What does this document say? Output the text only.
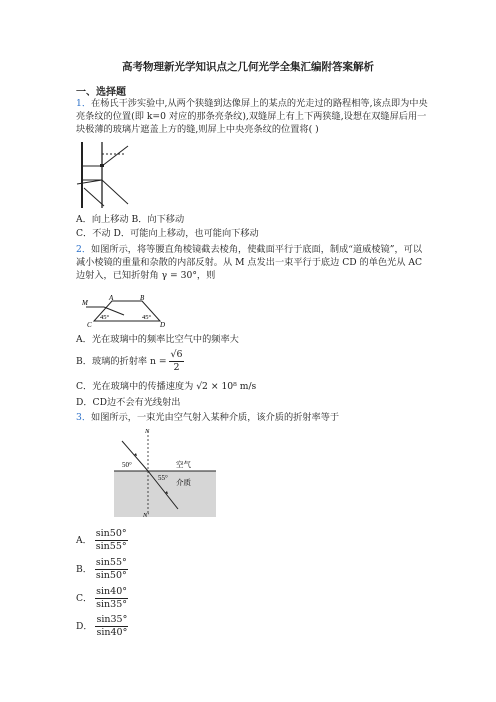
高考物理新光学知识点之几何光学全集汇编附答案解析
一、选择题
1．在杨氏干涉实验中,从两个狭缝到达像屏上的某点的光走过的路程相等,该点即为中央亮条纹的位置(即 k=0 对应的那条亮条纹),双缝屏上有上下两狭缝,设想在双缝屏后用一块极薄的玻璃片遮盖上方的缝,则屏上中央亮条纹的位置将( )
A．向上移动 B．向下移动
C．不动 D．可能向上移动，也可能向下移动
2．如图所示，将等腰直角棱镜截去棱角，使截面平行于底面，制成“道威棱镜”，可以减小棱镜的重量和杂散的内部反射。从 M 点发出一束平行于底边 CD 的单色光从 AC 边射入，已知折射角 γ = 30°，则
M
A	B
C	D
45°	45°
A．光在玻璃中的频率比空气中的频率大
B．玻璃的折射率 $n = \frac{√6}{2}$
C．光在玻璃中的传播速度为 √2 × 10⁸ m/s
D．CD边不会有光线射出
3．如图所示，一束光由空气射入某种介质，该介质的折射率等于
N
N′
50°
55°
空气
介质
A． $\frac{\sin 50^\circ}{\sin 55^\circ}$
B． $\frac{\sin 55^\circ}{\sin 50^\circ}$
C． $\frac{\sin 40^\circ}{\sin 35^\circ}$
D． $\frac{\sin 35^\circ}{\sin 40^\circ}$
